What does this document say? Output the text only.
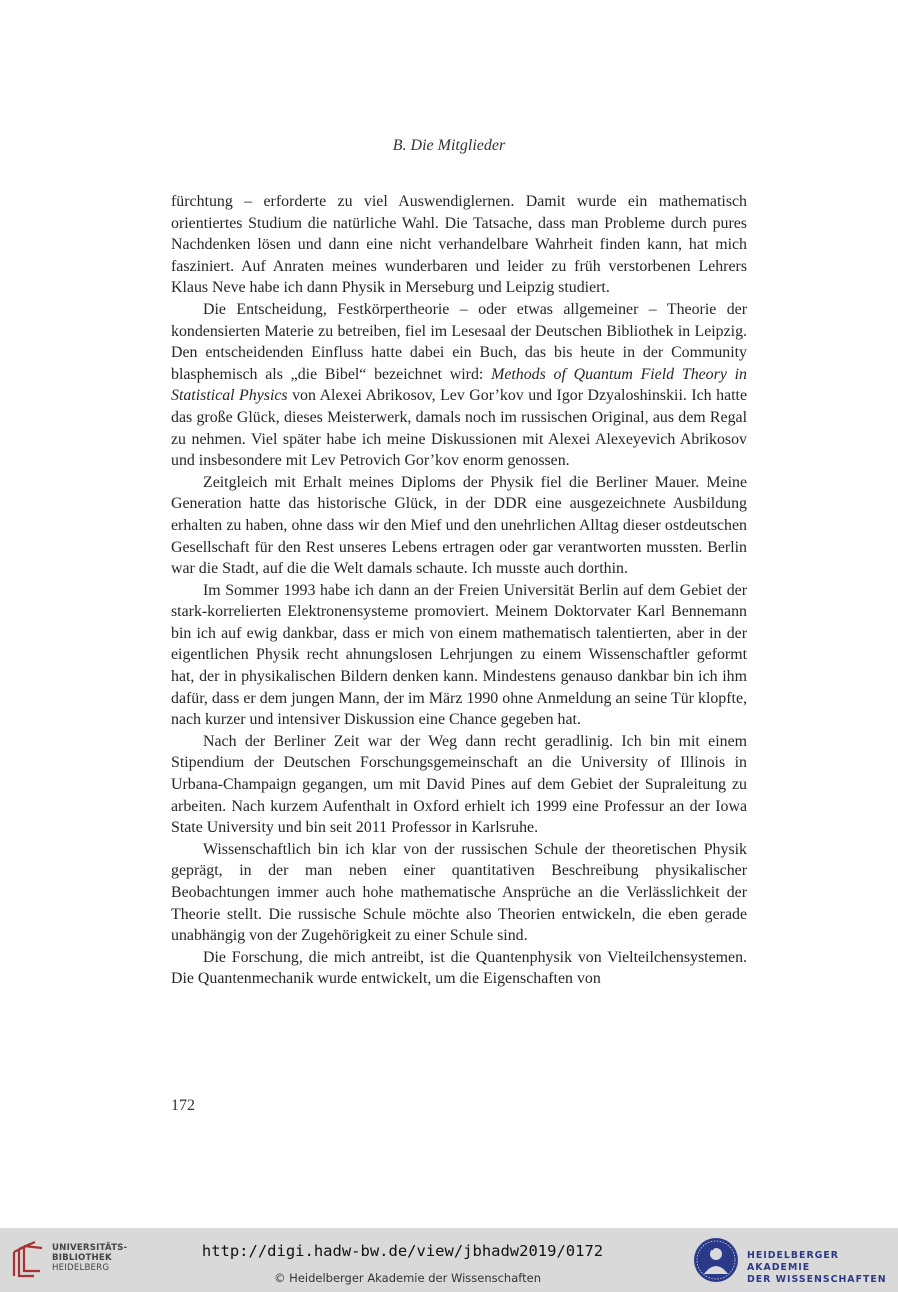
B. Die Mitglieder

fürchtung – erforderte zu viel Auswendiglernen. Damit wurde ein mathematisch orientiertes Studium die natürliche Wahl. Die Tatsache, dass man Probleme durch pures Nachdenken lösen und dann eine nicht verhandelbare Wahrheit finden kann, hat mich fasziniert. Auf Anraten meines wunderbaren und leider zu früh verstorbenen Lehrers Klaus Neve habe ich dann Physik in Merseburg und Leipzig studiert.

Die Entscheidung, Festkörpertheorie – oder etwas allgemeiner – Theorie der kondensierten Materie zu betreiben, fiel im Lesesaal der Deutschen Bibliothek in Leipzig. Den entscheidenden Einfluss hatte dabei ein Buch, das bis heute in der Community blasphemisch als „die Bibel“ bezeichnet wird: Methods of Quantum Field Theory in Statistical Physics von Alexei Abrikosov, Lev Gor’kov und Igor Dzyaloshinskii. Ich hatte das große Glück, dieses Meisterwerk, damals noch im russischen Original, aus dem Regal zu nehmen. Viel später habe ich meine Diskussionen mit Alexei Alexeyevich Abrikosov und insbesondere mit Lev Petrovich Gor’kov enorm genossen.

Zeitgleich mit Erhalt meines Diploms der Physik fiel die Berliner Mauer. Meine Generation hatte das historische Glück, in der DDR eine ausgezeichnete Ausbildung erhalten zu haben, ohne dass wir den Mief und den unehrlichen Alltag dieser ostdeutschen Gesellschaft für den Rest unseres Lebens ertragen oder gar verantworten mussten. Berlin war die Stadt, auf die die Welt damals schaute. Ich musste auch dorthin.

Im Sommer 1993 habe ich dann an der Freien Universität Berlin auf dem Gebiet der stark-korrelierten Elektronensysteme promoviert. Meinem Doktorvater Karl Bennemann bin ich auf ewig dankbar, dass er mich von einem mathematisch talentierten, aber in der eigentlichen Physik recht ahnungslosen Lehrjungen zu einem Wissenschaftler geformt hat, der in physikalischen Bildern denken kann. Mindestens genauso dankbar bin ich ihm dafür, dass er dem jungen Mann, der im März 1990 ohne Anmeldung an seine Tür klopfte, nach kurzer und intensiver Diskussion eine Chance gegeben hat.

Nach der Berliner Zeit war der Weg dann recht geradlinig. Ich bin mit einem Stipendium der Deutschen Forschungsgemeinschaft an die University of Illinois in Urbana-Champaign gegangen, um mit David Pines auf dem Gebiet der Supraleitung zu arbeiten. Nach kurzem Aufenthalt in Oxford erhielt ich 1999 eine Professur an der Iowa State University und bin seit 2011 Professor in Karlsruhe.

Wissenschaftlich bin ich klar von der russischen Schule der theoretischen Physik geprägt, in der man neben einer quantitativen Beschreibung physikalischer Beobachtungen immer auch hohe mathematische Ansprüche an die Verlässlichkeit der Theorie stellt. Die russische Schule möchte also Theorien entwickeln, die eben gerade unabhängig von der Zugehörigkeit zu einer Schule sind.

Die Forschung, die mich antreibt, ist die Quantenphysik von Vielteilchensystemen. Die Quantenmechanik wurde entwickelt, um die Eigenschaften von

172
UNIVERSITÄTS-
BIBLIOTHEK
HEIDELBERG
http://digi.hadw-bw.de/view/jbhadw2019/0172
© Heidelberger Akademie der Wissenschaften
HEIDELBERGER AKADEMIE
DER WISSENSCHAFTEN
